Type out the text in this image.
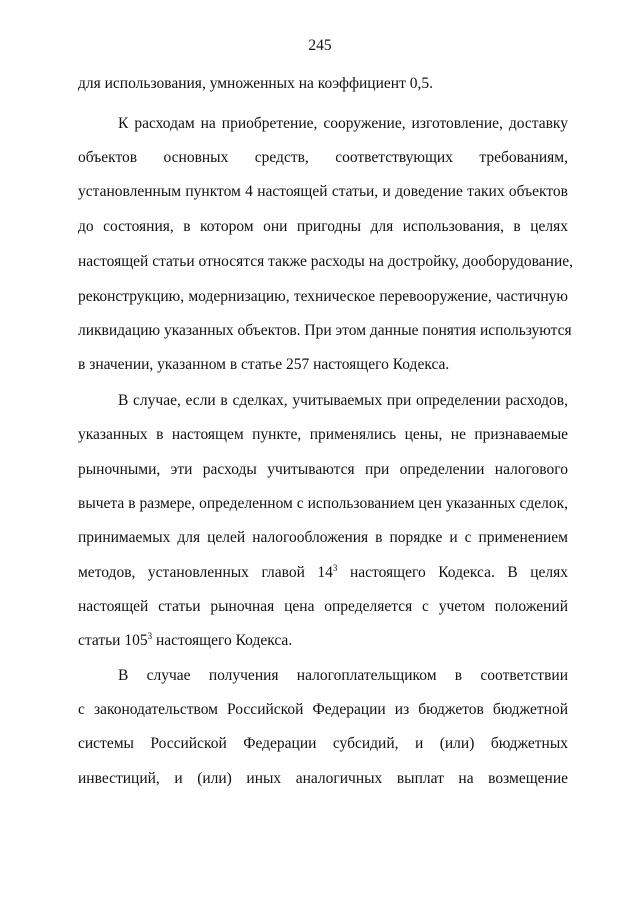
245
для использования, умноженных на коэффициент 0,5.
К расходам на приобретение, сооружение, изготовление, доставку
объектов основных средств, соответствующих требованиям,
установленным пунктом 4 настоящей статьи, и доведение таких объектов
до состояния, в котором они пригодны для использования, в целях
настоящей статьи относятся также расходы на достройку, дооборудование,
реконструкцию, модернизацию, техническое перевооружение, частичную
ликвидацию указанных объектов. При этом данные понятия используются
в значении, указанном в статье 257 настоящего Кодекса.
В случае, если в сделках, учитываемых при определении расходов,
указанных в настоящем пункте, применялись цены, не признаваемые
рыночными, эти расходы учитываются при определении налогового
вычета в размере, определенном с использованием цен указанных сделок,
принимаемых для целей налогообложения в порядке и с применением
методов, установленных главой $14^3$ настоящего Кодекса. В целях
настоящей статьи рыночная цена определяется с учетом положений
статьи $105^3$ настоящего Кодекса.
В случае получения налогоплательщиком в соответствии
с законодательством Российской Федерации из бюджетов бюджетной
системы Российской Федерации субсидий, и (или) бюджетных
инвестиций, и (или) иных аналогичных выплат на возмещение
